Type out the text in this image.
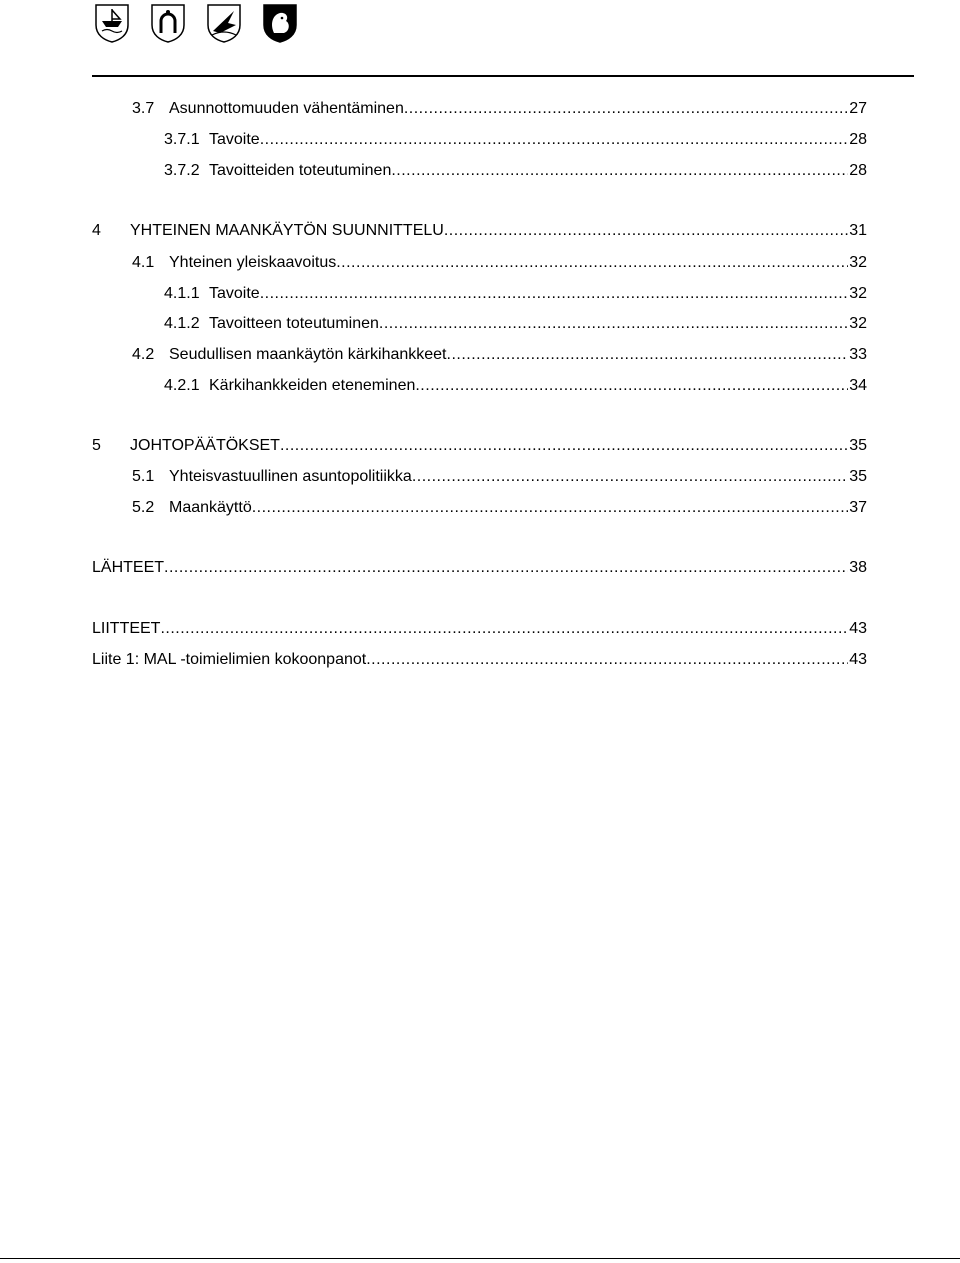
3.7 Asunnottomuuden vähentäminen .....	27
3.7.1 Tavoite .....	28
3.7.2 Tavoitteiden toteutuminen .....	28
4 YHTEINEN MAANKÄYTÖN SUUNNITTELU .....	31
4.1 Yhteinen yleiskaavoitus .....	32
4.1.1 Tavoite .....	32
4.1.2 Tavoitteen toteutuminen .....	32
4.2 Seudullisen maankäytön kärkihankkeet .....	33
4.2.1 Kärkihankkeiden eteneminen .....	34
5 JOHTOPÄÄTÖKSET .....	35
5.1 Yhteisvastuullinen asuntopolitiikka .....	35
5.2 Maankäyttö .....	37
LÄHTEET .....	38
LIITTEET .....	43
Liite 1: MAL -toimielimien kokoonpanot .....	43
